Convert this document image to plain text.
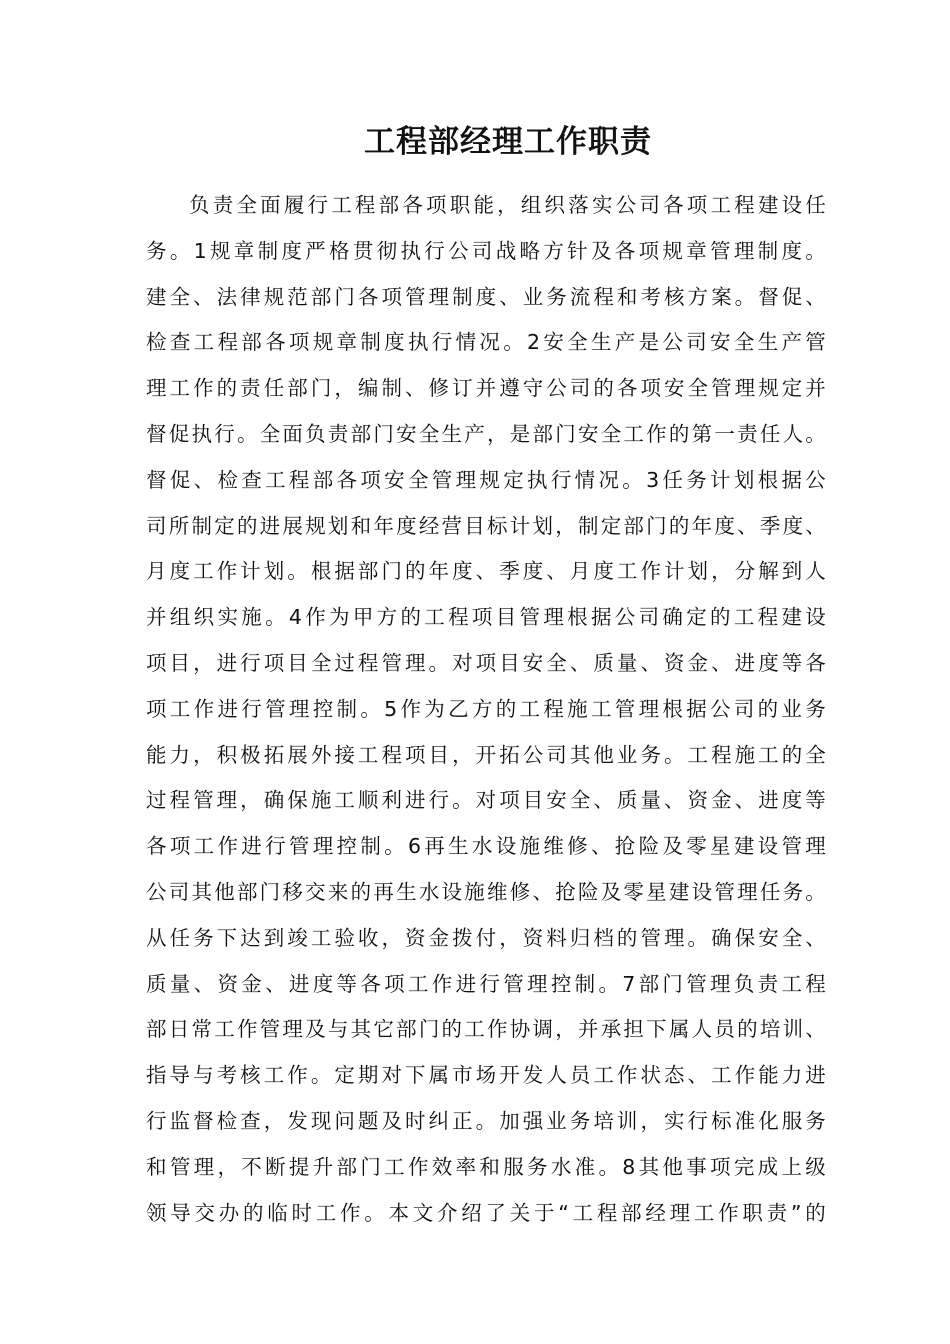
工程部经理工作职责
负责全面履行工程部各项职能，组织落实公司各项工程建设任
务。1规章制度严格贯彻执行公司战略方针及各项规章管理制度。
建全、法律规范部门各项管理制度、业务流程和考核方案。督促、
检查工程部各项规章制度执行情况。2安全生产是公司安全生产管
理工作的责任部门，编制、修订并遵守公司的各项安全管理规定并
督促执行。全面负责部门安全生产，是部门安全工作的第一责任人。
督促、检查工程部各项安全管理规定执行情况。3任务计划根据公
司所制定的进展规划和年度经营目标计划，制定部门的年度、季度、
月度工作计划。根据部门的年度、季度、月度工作计划，分解到人
并组织实施。4作为甲方的工程项目管理根据公司确定的工程建设
项目，进行项目全过程管理。对项目安全、质量、资金、进度等各
项工作进行管理控制。5作为乙方的工程施工管理根据公司的业务
能力，积极拓展外接工程项目，开拓公司其他业务。工程施工的全
过程管理，确保施工顺利进行。对项目安全、质量、资金、进度等
各项工作进行管理控制。6再生水设施维修、抢险及零星建设管理
公司其他部门移交来的再生水设施维修、抢险及零星建设管理任务。
从任务下达到竣工验收，资金拨付，资料归档的管理。确保安全、
质量、资金、进度等各项工作进行管理控制。7部门管理负责工程
部日常工作管理及与其它部门的工作协调，并承担下属人员的培训、
指导与考核工作。定期对下属市场开发人员工作状态、工作能力进
行监督检查，发现问题及时纠正。加强业务培训，实行标准化服务
和管理，不断提升部门工作效率和服务水准。8其他事项完成上级
领导交办的临时工作。本文介绍了关于“工程部经理工作职责”的
